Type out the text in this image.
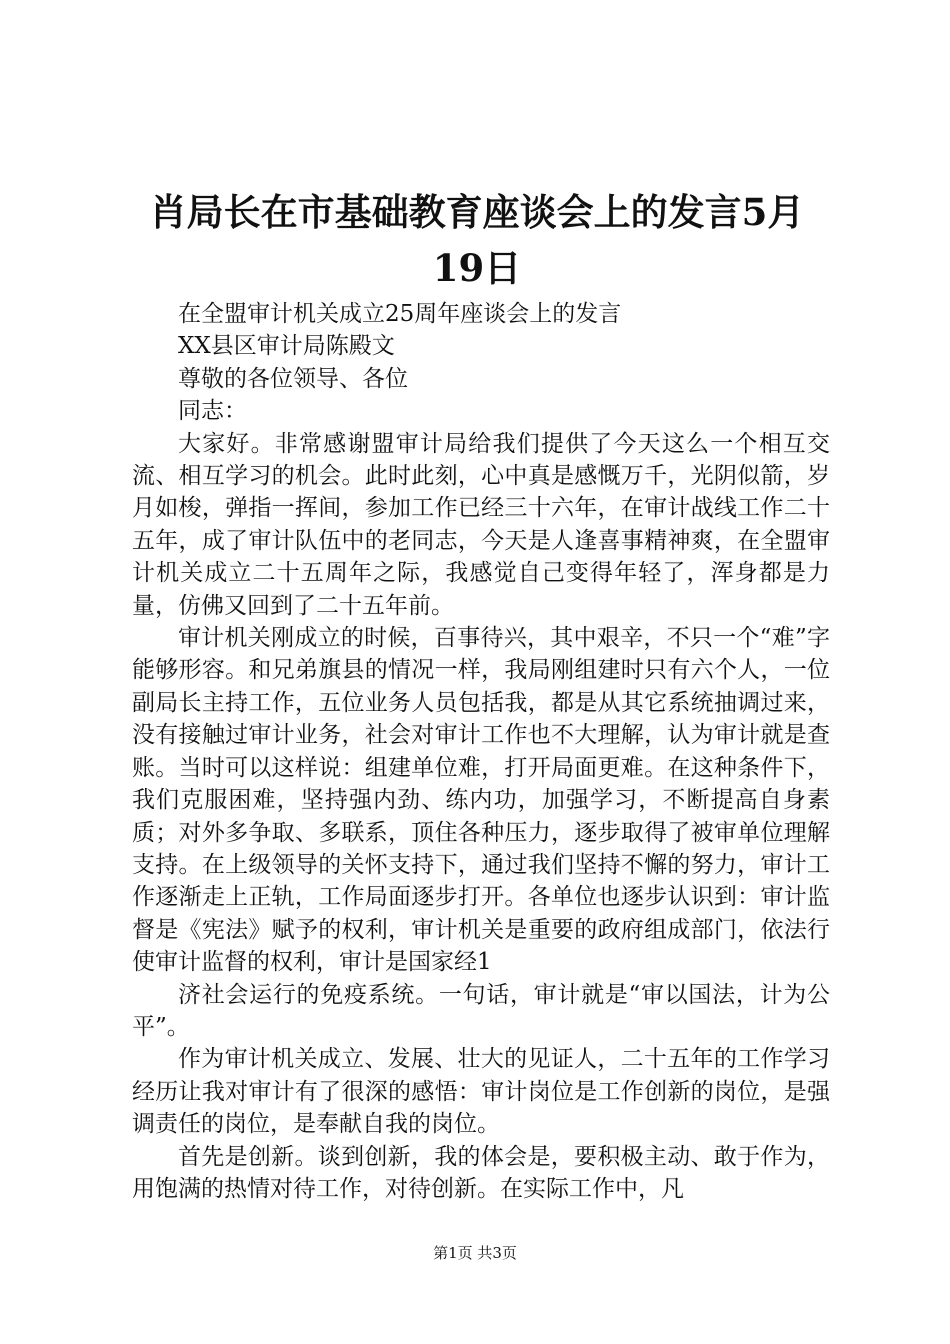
肖局长在市基础教育座谈会上的发言5月19日

在全盟审计机关成立25周年座谈会上的发言

XX县区审计局陈殿文

尊敬的各位领导、各位

同志：

大家好。非常感谢盟审计局给我们提供了今天这么一个相互交流、相互学习的机会。此时此刻，心中真是感慨万千，光阴似箭，岁月如梭，弹指一挥间，参加工作已经三十六年，在审计战线工作二十五年，成了审计队伍中的老同志，今天是人逢喜事精神爽，在全盟审计机关成立二十五周年之际，我感觉自己变得年轻了，浑身都是力量，仿佛又回到了二十五年前。

审计机关刚成立的时候，百事待兴，其中艰辛，不只一个“难”字能够形容。和兄弟旗县的情况一样，我局刚组建时只有六个人，一位副局长主持工作，五位业务人员包括我，都是从其它系统抽调过来，没有接触过审计业务，社会对审计工作也不大理解，认为审计就是查账。当时可以这样说：组建单位难，打开局面更难。在这种条件下，我们克服困难，坚持强内劲、练内功，加强学习，不断提高自身素质；对外多争取、多联系，顶住各种压力，逐步取得了被审单位理解支持。在上级领导的关怀支持下，通过我们坚持不懈的努力，审计工作逐渐走上正轨，工作局面逐步打开。各单位也逐步认识到：审计监督是《宪法》赋予的权利，审计机关是重要的政府组成部门，依法行使审计监督的权利，审计是国家经1

济社会运行的免疫系统。一句话，审计就是“审以国法，计为公平”。

作为审计机关成立、发展、壮大的见证人，二十五年的工作学习经历让我对审计有了很深的感悟：审计岗位是工作创新的岗位，是强调责任的岗位，是奉献自我的岗位。

首先是创新。谈到创新，我的体会是，要积极主动、敢于作为，用饱满的热情对待工作，对待创新。在实际工作中，凡

第1页 共3页
